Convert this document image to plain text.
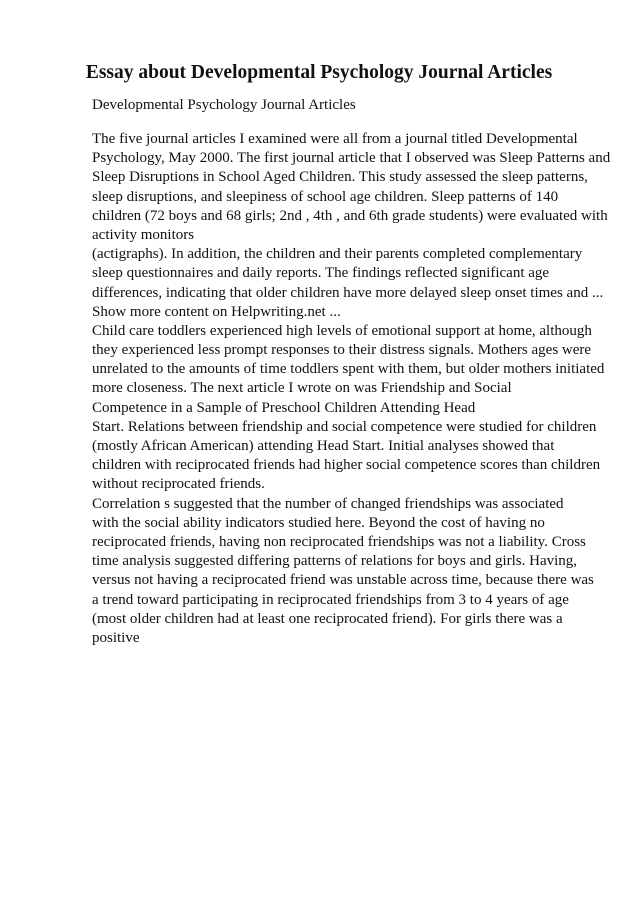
Essay about Developmental Psychology Journal Articles
Developmental Psychology Journal Articles
The five journal articles I examined were all from a journal titled Developmental
Psychology, May 2000. The first journal article that I observed was Sleep Patterns and
Sleep Disruptions in School Aged Children. This study assessed the sleep patterns,
sleep disruptions, and sleepiness of school age children. Sleep patterns of 140
children (72 boys and 68 girls; 2nd , 4th , and 6th grade students) were evaluated with
activity monitors
(actigraphs). In addition, the children and their parents completed complementary
sleep questionnaires and daily reports. The findings reflected significant age
differences, indicating that older children have more delayed sleep onset times and ...
Show more content on Helpwriting.net ...
Child care toddlers experienced high levels of emotional support at home, although
they experienced less prompt responses to their distress signals. Mothers ages were
unrelated to the amounts of time toddlers spent with them, but older mothers initiated
more closeness. The next article I wrote on was Friendship and Social
Competence in a Sample of Preschool Children Attending Head
Start. Relations between friendship and social competence were studied for children
(mostly African American) attending Head Start. Initial analyses showed that
children with reciprocated friends had higher social competence scores than children
without reciprocated friends.
Correlation s suggested that the number of changed friendships was associated
with the social ability indicators studied here. Beyond the cost of having no
reciprocated friends, having non reciprocated friendships was not a liability. Cross
time analysis suggested differing patterns of relations for boys and girls. Having,
versus not having a reciprocated friend was unstable across time, because there was
a trend toward participating in reciprocated friendships from 3 to 4 years of age
(most older children had at least one reciprocated friend). For girls there was a
positive
